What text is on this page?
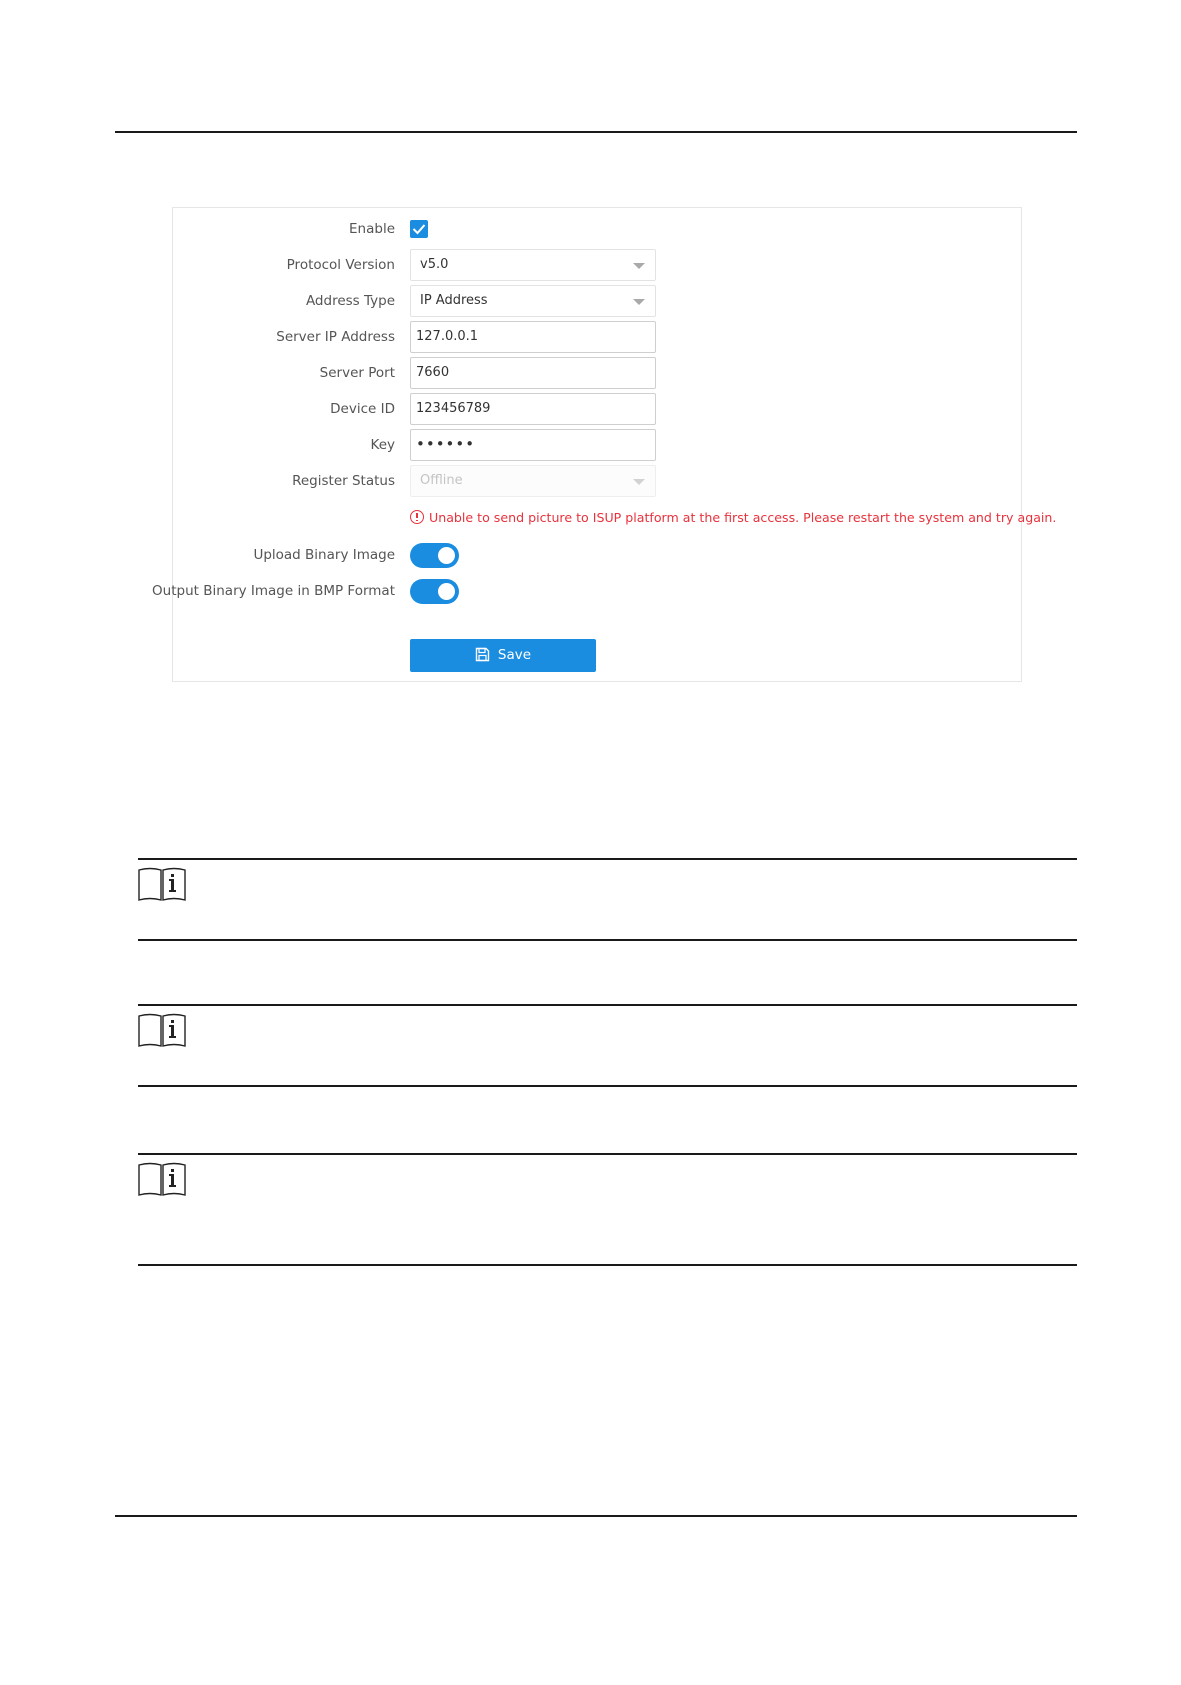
Enable
Protocol Version	v5.0
Address Type	IP Address
Server IP Address	127.0.0.1
Server Port	7660
Device ID	123456789
Key	••••••
Register Status	Offline
Unable to send picture to ISUP platform at the first access. Please restart the system and try again.
Upload Binary Image
Output Binary Image in BMP Format
Save
